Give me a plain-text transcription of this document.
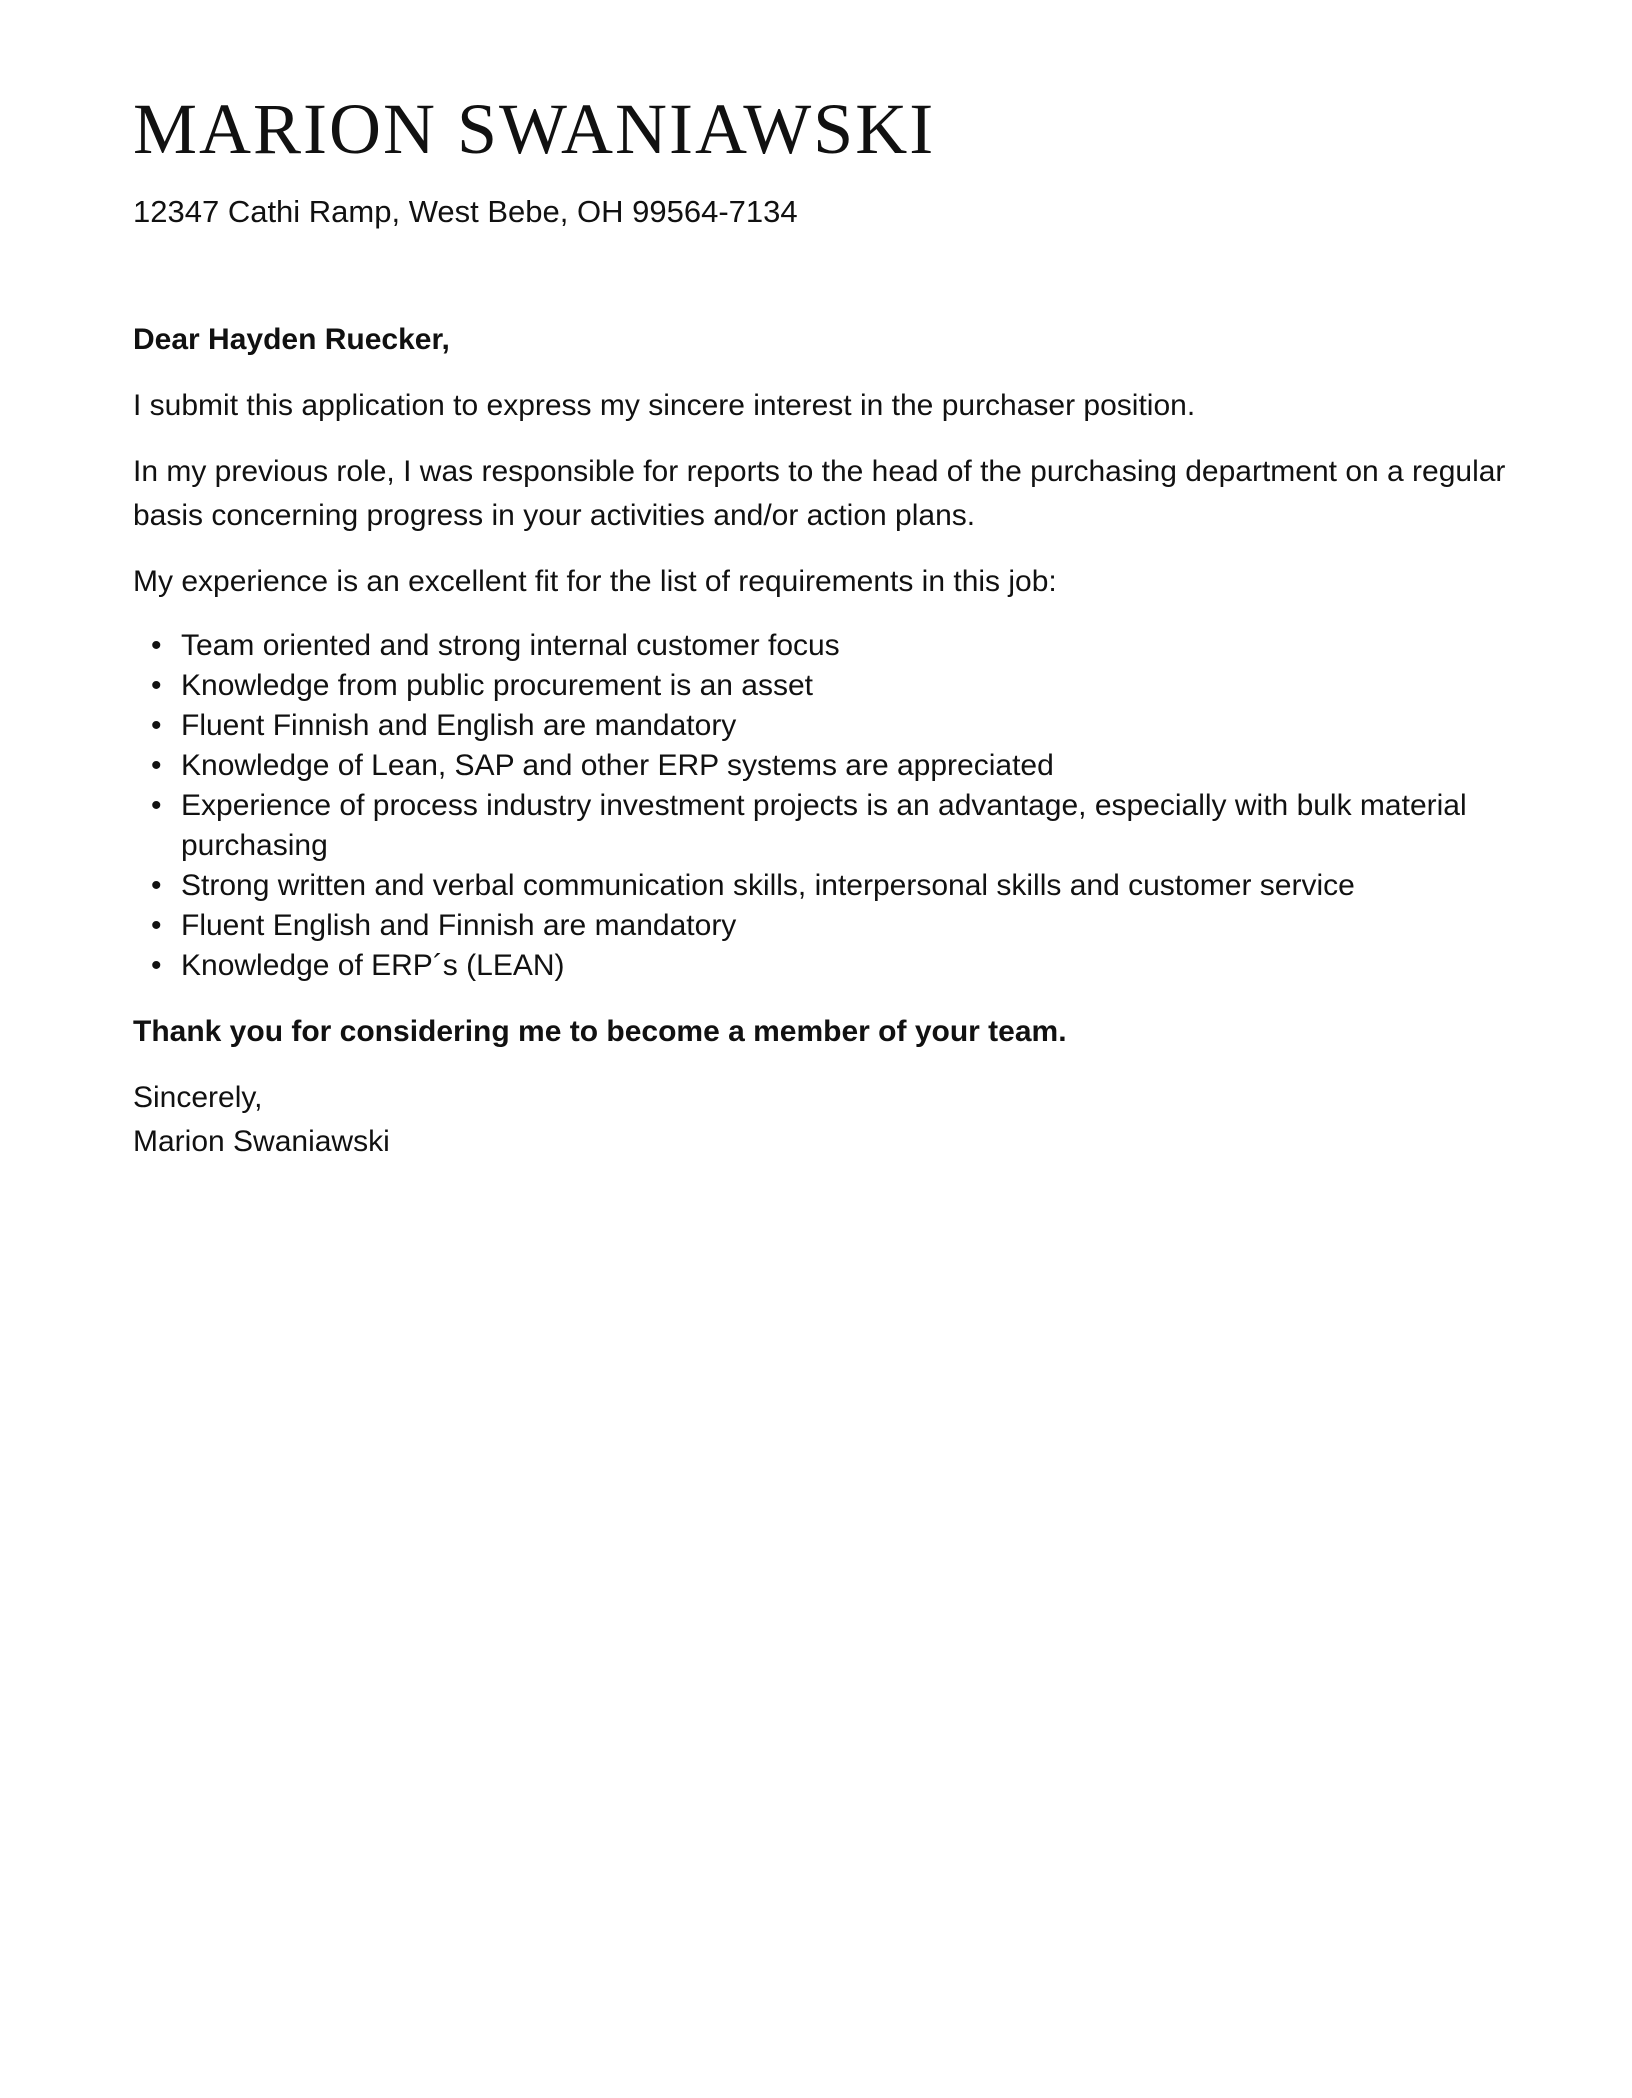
MARION SWANIAWSKI

12347 Cathi Ramp, West Bebe, OH 99564-7134

Dear Hayden Ruecker,

I submit this application to express my sincere interest in the purchaser position.

In my previous role, I was responsible for reports to the head of the purchasing department on a regular basis concerning progress in your activities and/or action plans.

My experience is an excellent fit for the list of requirements in this job:

• Team oriented and strong internal customer focus
• Knowledge from public procurement is an asset
• Fluent Finnish and English are mandatory
• Knowledge of Lean, SAP and other ERP systems are appreciated
• Experience of process industry investment projects is an advantage, especially with bulk material purchasing
• Strong written and verbal communication skills, interpersonal skills and customer service
• Fluent English and Finnish are mandatory
• Knowledge of ERP´s (LEAN)

Thank you for considering me to become a member of your team.

Sincerely,
Marion Swaniawski
